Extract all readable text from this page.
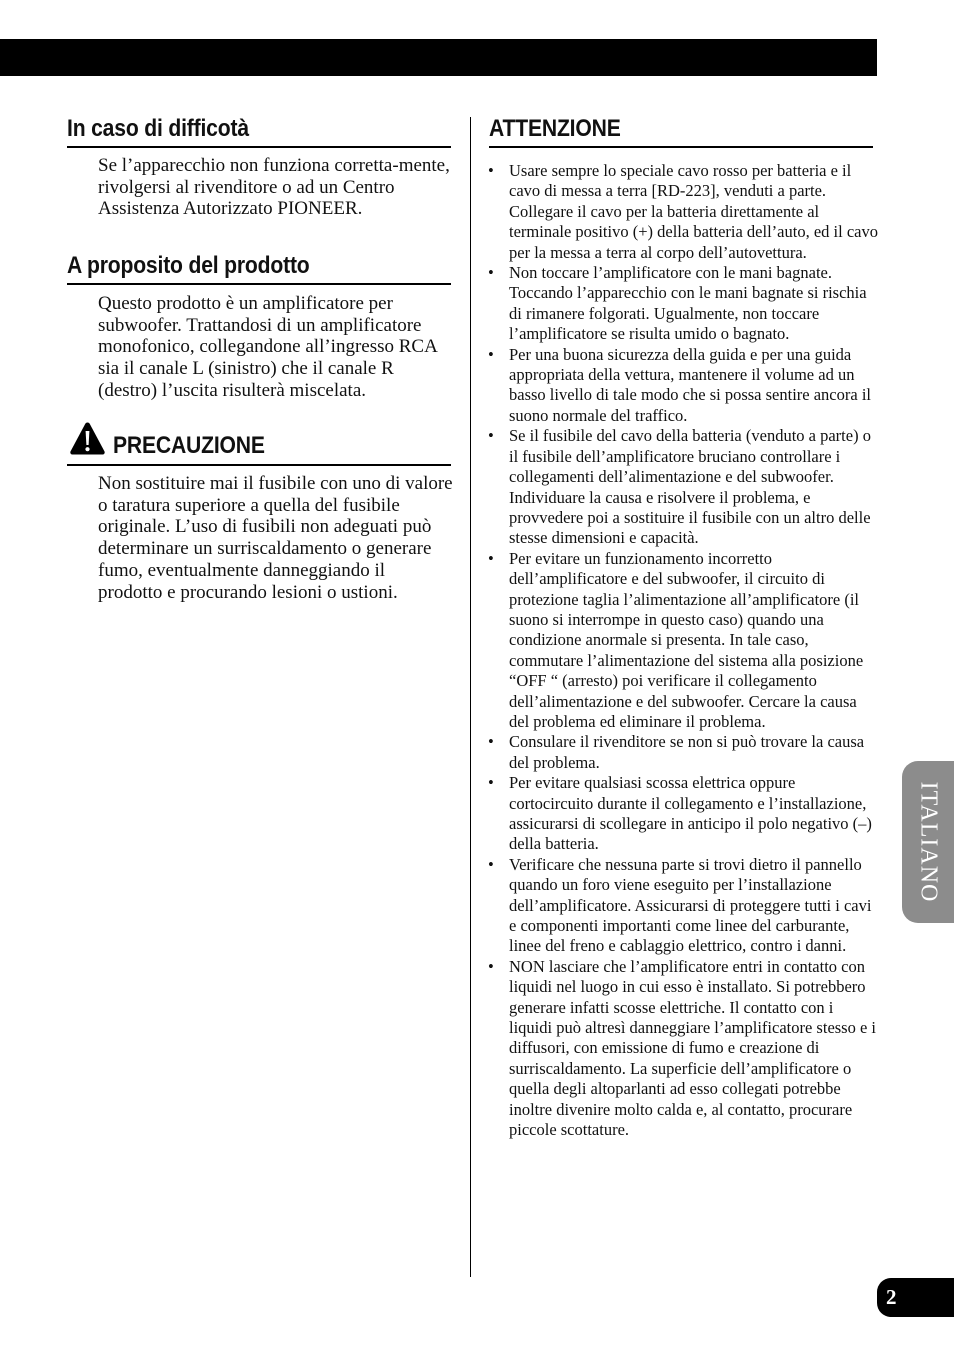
In caso di difficotà
Se l’apparecchio non funziona corretta-mente, rivolgersi al rivenditore o ad un Centro Assistenza Autorizzato PIONEER.
A proposito del prodotto
Questo prodotto è un amplificatore per subwoofer. Trattandosi di un amplificatore monofonico, collegandone all’ingresso RCA sia il canale L (sinistro) che il canale R (destro) l’uscita risulterà miscelata.
PRECAUZIONE
Non sostituire mai il fusibile con uno di valore o taratura superiore a quella del fusibile originale. L’uso di fusibili non adeguati può determinare un surriscaldamento o generare fumo, eventualmente danneggiando il prodotto e procurando lesioni o ustioni.
ATTENZIONE
• Usare sempre lo speciale cavo rosso per batteria e il cavo di messa a terra [RD-223], venduti a parte. Collegare il cavo per la batteria direttamente al terminale positivo (+) della batteria dell’auto, ed il cavo per la messa a terra al corpo dell’autovettura.
• Non toccare l’amplificatore con le mani bagnate. Toccando l’apparecchio con le mani bagnate si rischia di rimanere folgorati. Ugualmente, non toccare l’amplificatore se risulta umido o bagnato.
• Per una buona sicurezza della guida e per una guida appropriata della vettura, mantenere il volume ad un basso livello di tale modo che si possa sentire ancora il suono normale del traffico.
• Se il fusibile del cavo della batteria (venduto a parte) o il fusibile dell’amplificatore bruciano controllare i collegamenti dell’alimentazione e del subwoofer. Individuare la causa e risolvere il problema, e provvedere poi a sostituire il fusibile con un altro delle stesse dimensioni e capacità.
• Per evitare un funzionamento incorretto dell’amplificatore e del subwoofer, il circuito di protezione taglia l’alimentazione all’amplificatore (il suono si interrompe in questo caso) quando una condizione anormale si presenta. In tale caso, commutare l’alimentazione del sistema alla posizione “OFF “ (arresto) poi verificare il collegamento dell’alimentazione e del subwoofer. Cercare la causa del problema ed eliminare il problema.
• Consulare il rivenditore se non si può trovare la causa del problema.
• Per evitare qualsiasi scossa elettrica oppure cortocircuito durante il collegamento e l’installazione, assicurarsi di scollegare in anticipo il polo negativo (–) della batteria.
• Verificare che nessuna parte si trovi dietro il pannello quando un foro viene eseguito per l’installazione dell’amplificatore. Assicurarsi di proteggere tutti i cavi e componenti importanti come linee del carburante, linee del freno e cablaggio elettrico, contro i danni.
• NON lasciare che l’amplificatore entri in contatto con liquidi nel luogo in cui esso è installato. Si potrebbero generare infatti scosse elettriche. Il contatto con i liquidi può altresì danneggiare l’amplificatore stesso e i diffusori, con emissione di fumo e creazione di surriscaldamento. La superficie dell’amplificatore o quella degli altoparlanti ad esso collegati potrebbe inoltre divenire molto calda e, al contatto, procurare piccole scottature.
ITALIANO
2
